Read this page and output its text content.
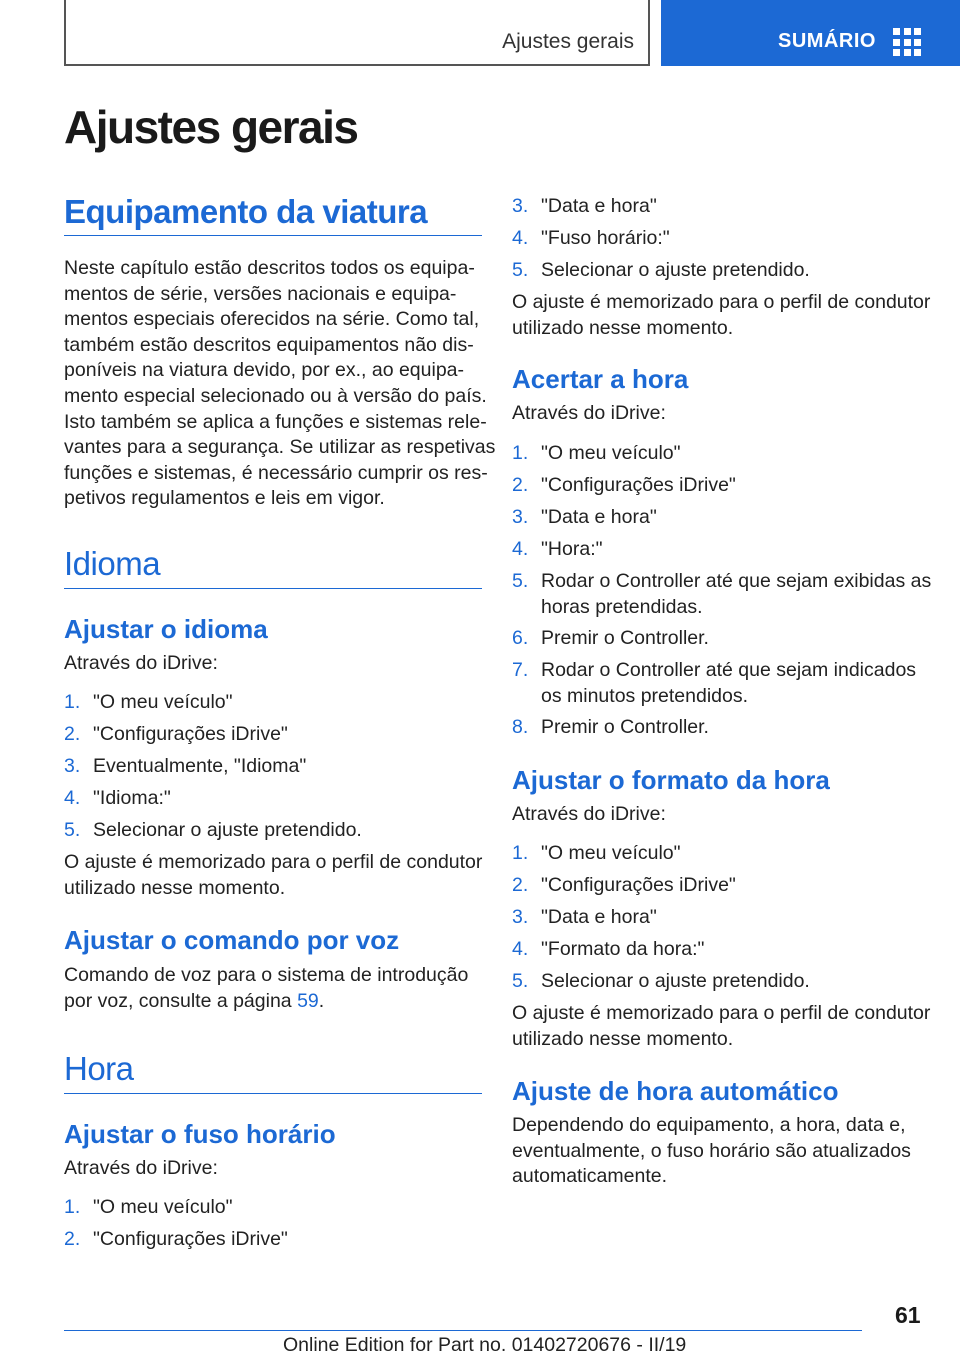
Ajustes gerais	SUMÁRIO
Ajustes gerais
Equipamento da viatura
Neste capítulo estão descritos todos os equipa‐
mentos de série, versões nacionais e equipa‐
mentos especiais oferecidos na série. Como tal,
também estão descritos equipamentos não dis‐
poníveis na viatura devido, por ex., ao equipa‐
mento especial selecionado ou à versão do país.
Isto também se aplica a funções e sistemas rele‐
vantes para a segurança. Se utilizar as respetivas
funções e sistemas, é necessário cumprir os res‐
petivos regulamentos e leis em vigor.
Idioma
Ajustar o idioma
Através do iDrive:
1. "O meu veículo"
2. "Configurações iDrive"
3. Eventualmente, "Idioma"
4. "Idioma:"
5. Selecionar o ajuste pretendido.
O ajuste é memorizado para o perfil de condutor
utilizado nesse momento.
Ajustar o comando por voz
Comando de voz para o sistema de introdução
por voz, consulte a página 59.
Hora
Ajustar o fuso horário
Através do iDrive:
1. "O meu veículo"
2. "Configurações iDrive"
3. "Data e hora"
4. "Fuso horário:"
5. Selecionar o ajuste pretendido.
O ajuste é memorizado para o perfil de condutor
utilizado nesse momento.
Acertar a hora
Através do iDrive:
1. "O meu veículo"
2. "Configurações iDrive"
3. "Data e hora"
4. "Hora:"
5. Rodar o Controller até que sejam exibidas as
horas pretendidas.
6. Premir o Controller.
7. Rodar o Controller até que sejam indicados
os minutos pretendidos.
8. Premir o Controller.
Ajustar o formato da hora
Através do iDrive:
1. "O meu veículo"
2. "Configurações iDrive"
3. "Data e hora"
4. "Formato da hora:"
5. Selecionar o ajuste pretendido.
O ajuste é memorizado para o perfil de condutor
utilizado nesse momento.
Ajuste de hora automático
Dependendo do equipamento, a hora, data e,
eventualmente, o fuso horário são atualizados
automaticamente.
61
Online Edition for Part no. 01402720676 - II/19
